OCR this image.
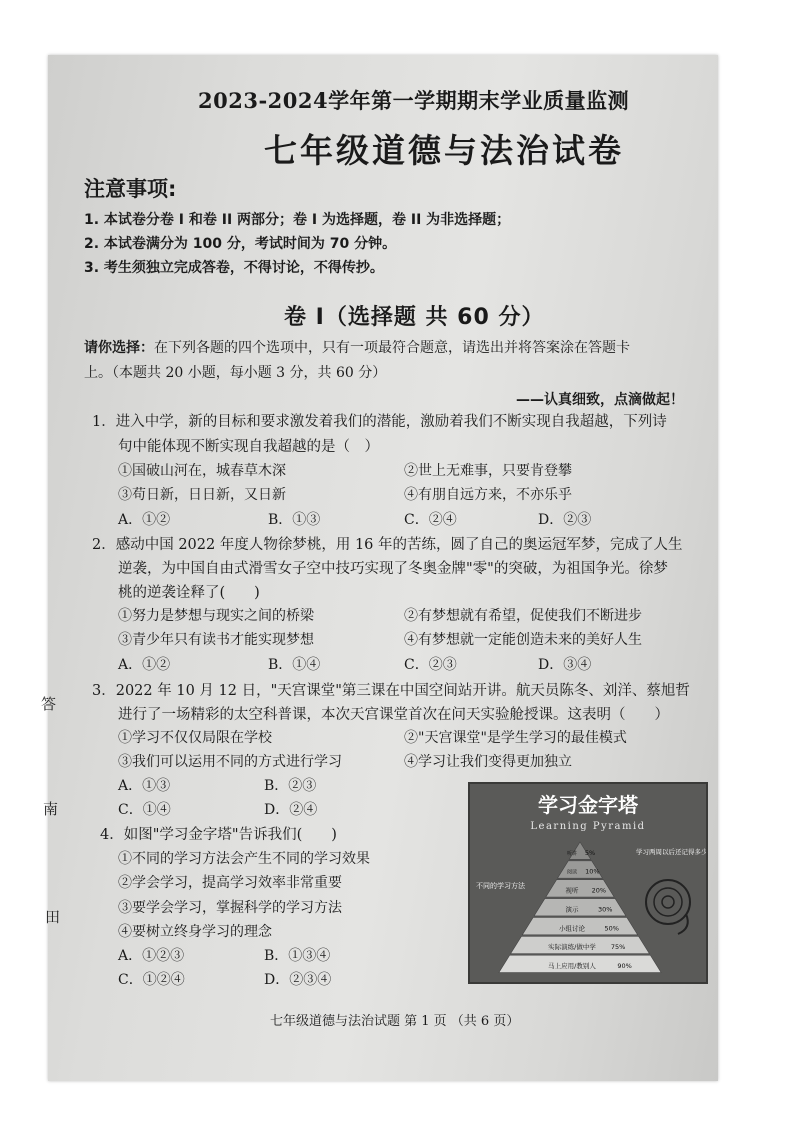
2023-2024学年第一学期期末学业质量监测
七年级道德与法治试卷
注意事项:
1. 本试卷分卷 I 和卷 II 两部分；卷 I 为选择题，卷 II 为非选择题；
2. 本试卷满分为 100 分，考试时间为 70 分钟。
3. 考生须独立完成答卷，不得讨论，不得传抄。
卷 I（选择题 共 60 分）
请你选择：在下列各题的四个选项中，只有一项最符合题意，请选出并将答案涂在答题卡
上。（本题共 20 小题，每小题 3 分，共 60 分）
——认真细致，点滴做起！
1．进入中学，新的目标和要求激发着我们的潜能，激励着我们不断实现自我超越，下列诗
句中能体现不断实现自我超越的是（　）
①国破山河在，城春草木深	②世上无难事，只要肯登攀
③苟日新，日日新，又日新	④有朋自远方来，不亦乐乎
A．①②	B．①③	C．②④	D．②③
2．感动中国 2022 年度人物徐梦桃，用 16 年的苦练，圆了自己的奥运冠军梦，完成了人生
逆袭，为中国自由式滑雪女子空中技巧实现了冬奥金牌"零"的突破，为祖国争光。徐梦
桃的逆袭诠释了(　　)
①努力是梦想与现实之间的桥梁	②有梦想就有希望，促使我们不断进步
③青少年只有读书才能实现梦想	④有梦想就一定能创造未来的美好人生
A．①②	B．①④	C．②③	D．③④
3．2022 年 10 月 12 日，"天宫课堂"第三课在中国空间站开讲。航天员陈冬、刘洋、蔡旭哲
进行了一场精彩的太空科普课，本次天宫课堂首次在问天实验舱授课。这表明（　　）
①学习不仅仅局限在学校	②"天宫课堂"是学生学习的最佳模式
③我们可以运用不同的方式进行学习	④学习让我们变得更加独立
A．①③	B．②③
C．①④	D．②④
4．如图"学习金字塔"告诉我们(　　)
①不同的学习方法会产生不同的学习效果
②学会学习，提高学习效率非常重要
③要学会学习，掌握科学的学习方法
④要树立终身学习的理念
A．①②③	B．①③④
C．①②④	D．②③④
学习金字塔
Learning Pyramid
听讲 5%
阅读 10%
视听 20%
演示	30%
小组讨论	50%
实际演练/做中学 75%
马上应用/教别人	90%
不同的学习方法
学习两周以后还记得多少
七年级道德与法治试题 第 1 页 （共 6 页）
答
南
田
